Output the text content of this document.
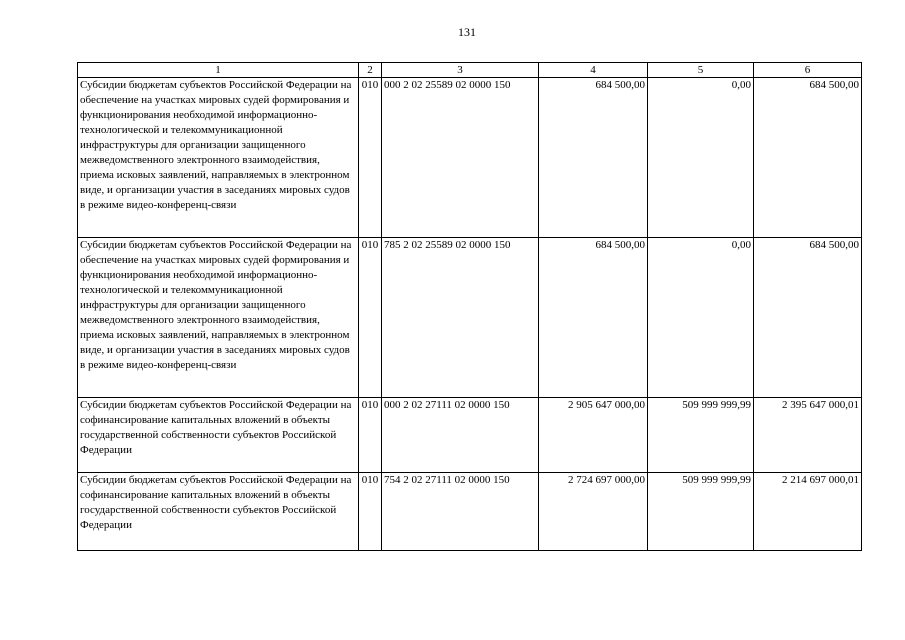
131
1	2	3	4	5	6
Субсидии бюджетам субъектов Российской Федерации на обеспечение на участках мировых судей формирования и функционирования необходимой информационно-технологической и телекоммуникационной инфраструктуры для организации защищенного межведомственного электронного взаимодействия, приема исковых заявлений, направляемых в электронном виде, и организации участия в заседаниях мировых судов в режиме видео-конференц-связи	010	000 2 02 25589 02 0000 150	684 500,00	0,00	684 500,00
Субсидии бюджетам субъектов Российской Федерации на обеспечение на участках мировых судей формирования и функционирования необходимой информационно-технологической и телекоммуникационной инфраструктуры для организации защищенного межведомственного электронного взаимодействия, приема исковых заявлений, направляемых в электронном виде, и организации участия в заседаниях мировых судов в режиме видео-конференц-связи	010	785 2 02 25589 02 0000 150	684 500,00	0,00	684 500,00
Субсидии бюджетам субъектов Российской Федерации на софинансирование капитальных вложений в объекты государственной собственности субъектов Российской Федерации	010	000 2 02 27111 02 0000 150	2 905 647 000,00	509 999 999,99	2 395 647 000,01
Субсидии бюджетам субъектов Российской Федерации на софинансирование капитальных вложений в объекты государственной собственности субъектов Российской Федерации	010	754 2 02 27111 02 0000 150	2 724 697 000,00	509 999 999,99	2 214 697 000,01
